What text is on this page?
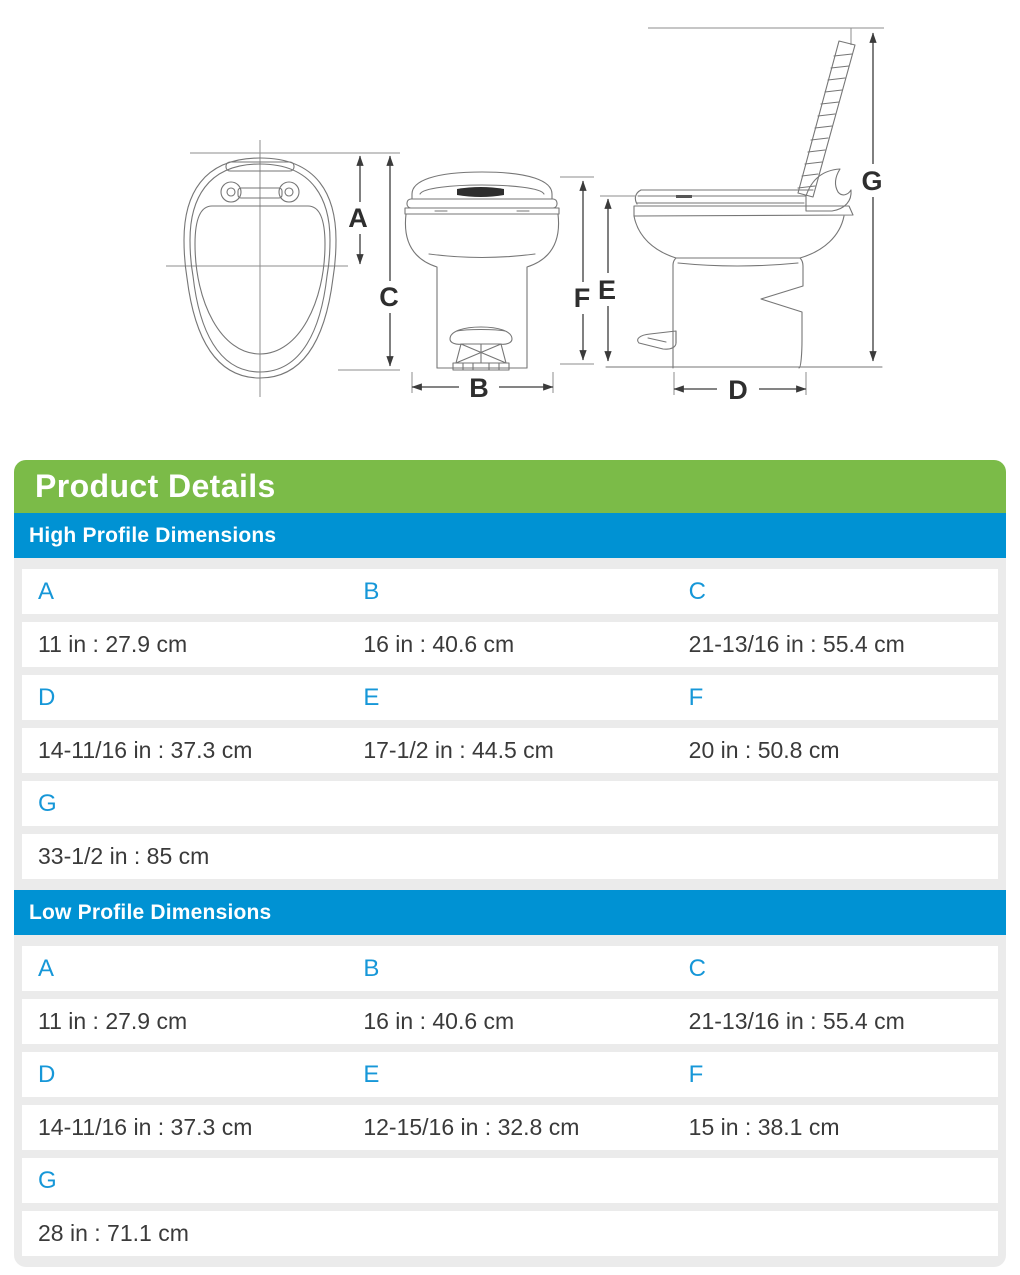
A
C
B
F E
G
D
Product Details
High Profile Dimensions
A	B	C
11 in : 27.9 cm	16 in : 40.6 cm	21-13/16 in : 55.4 cm
D	E	F
14-11/16 in : 37.3 cm	17-1/2 in : 44.5 cm	20 in : 50.8 cm
G
33-1/2 in : 85 cm
Low Profile Dimensions
A	B	C
11 in : 27.9 cm	16 in : 40.6 cm	21-13/16 in : 55.4 cm
D	E	F
14-11/16 in : 37.3 cm	12-15/16 in : 32.8 cm	15 in : 38.1 cm
G
28 in : 71.1 cm
